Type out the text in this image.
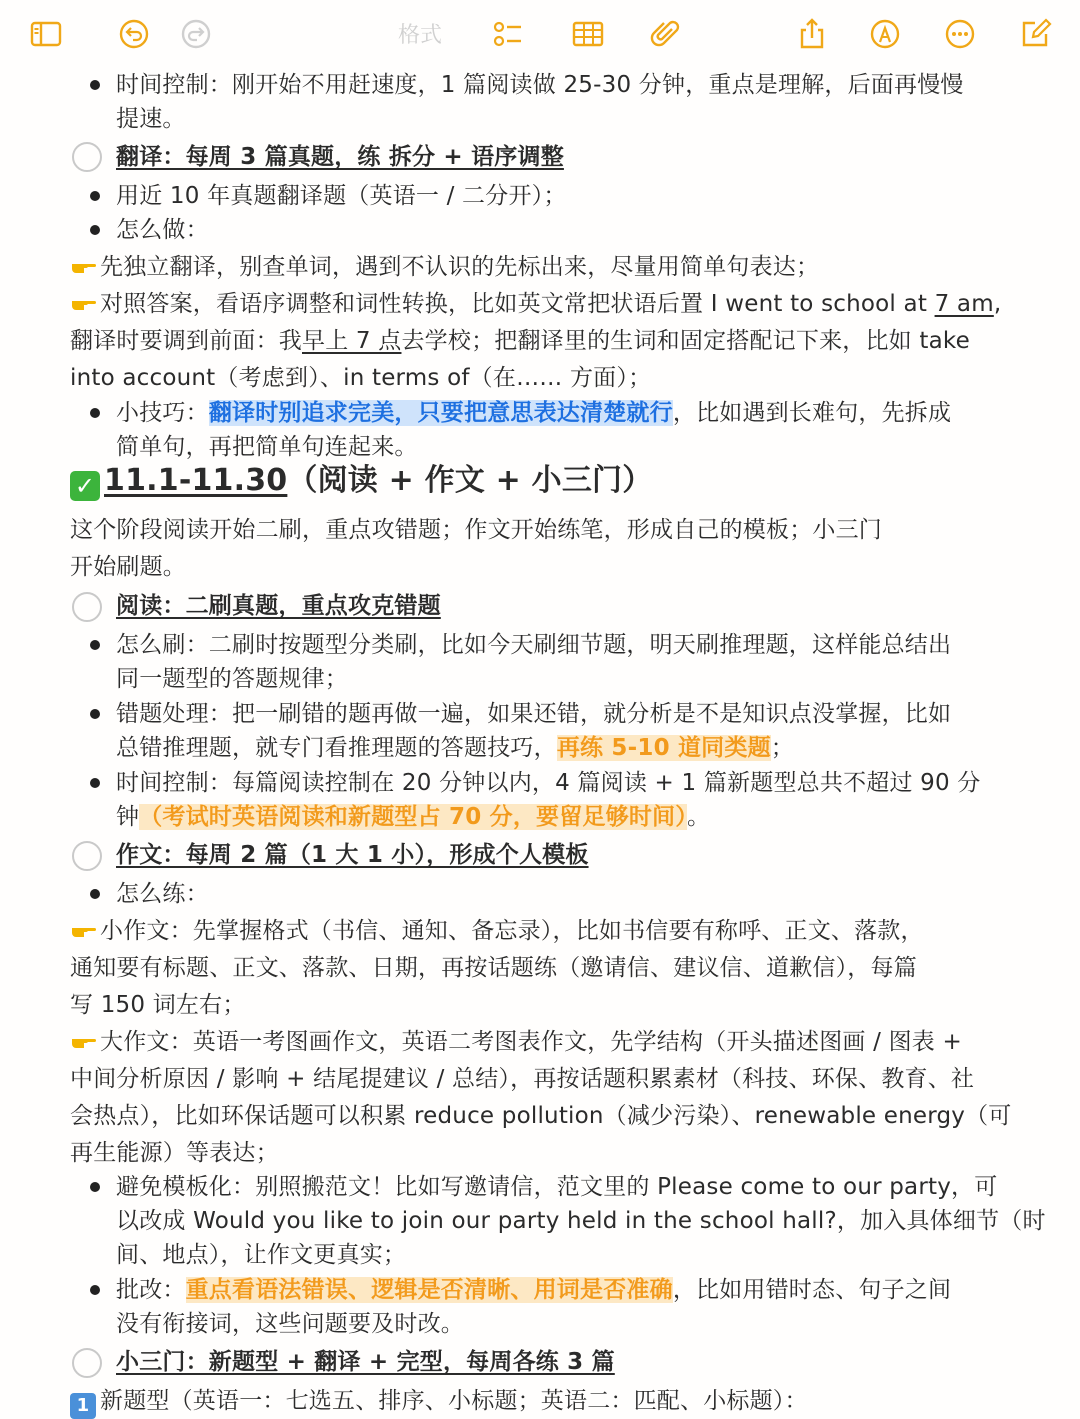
格式
时间控制：刚开始不用赶速度，1 篇阅读做 25-30 分钟，重点是理解，后面再慢慢
提速。
翻译：每周 3 篇真题，练 拆分 + 语序调整
用近 10 年真题翻译题（英语一 / 二分开）；
怎么做：
先独立翻译，别查单词，遇到不认识的先标出来，尽量用简单句表达；
对照答案，看语序调整和词性转换，比如英文常把状语后置 I went to school at 7 am,
翻译时要调到前面：我早上 7 点去学校；把翻译里的生词和固定搭配记下来，比如 take
into account（考虑到）、in terms of（在…… 方面）；
小技巧：翻译时别追求完美，只要把意思表达清楚就行，比如遇到长难句，先拆成
简单句，再把简单句连起来。
✓ 11.1-11.30（阅读 + 作文 + 小三门）
这个阶段阅读开始二刷，重点攻错题；作文开始练笔，形成自己的模板；小三门
开始刷题。
阅读：二刷真题，重点攻克错题
怎么刷：二刷时按题型分类刷，比如今天刷细节题，明天刷推理题，这样能总结出
同一题型的答题规律；
错题处理：把一刷错的题再做一遍，如果还错，就分析是不是知识点没掌握，比如
总错推理题，就专门看推理题的答题技巧，再练 5-10 道同类题；
时间控制：每篇阅读控制在 20 分钟以内，4 篇阅读 + 1 篇新题型总共不超过 90 分
钟（考试时英语阅读和新题型占 70 分，要留足够时间）。
作文：每周 2 篇（1 大 1 小），形成个人模板
怎么练：
小作文：先掌握格式（书信、通知、备忘录），比如书信要有称呼、正文、落款，
通知要有标题、正文、落款、日期，再按话题练（邀请信、建议信、道歉信），每篇
写 150 词左右；
大作文：英语一考图画作文，英语二考图表作文，先学结构（开头描述图画 / 图表 +
中间分析原因 / 影响 + 结尾提建议 / 总结），再按话题积累素材（科技、环保、教育、社
会热点），比如环保话题可以积累 reduce pollution（减少污染）、renewable energy（可
再生能源）等表达；
避免模板化：别照搬范文！比如写邀请信，范文里的 Please come to our party，可
以改成 Would you like to join our party held in the school hall?，加入具体细节（时
间、地点），让作文更真实；
批改：重点看语法错误、逻辑是否清晰、用词是否准确，比如用错时态、句子之间
没有衔接词，这些问题要及时改。
小三门：新题型 + 翻译 + 完型，每周各练 3 篇
1 新题型（英语一：七选五、排序、小标题；英语二：匹配、小标题）：
